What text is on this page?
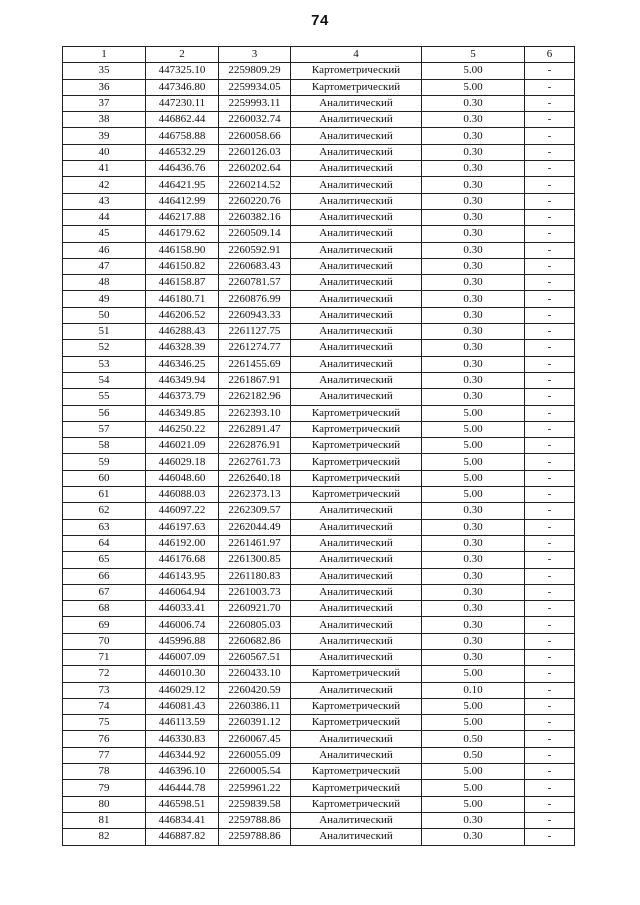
74
1	2	3	4	5	6
35	447325.10	2259809.29	Картометрический	5.00	-
36	447346.80	2259934.05	Картометрический	5.00	-
37	447230.11	2259993.11	Аналитический	0.30	-
38	446862.44	2260032.74	Аналитический	0.30	-
39	446758.88	2260058.66	Аналитический	0.30	-
40	446532.29	2260126.03	Аналитический	0.30	-
41	446436.76	2260202.64	Аналитический	0.30	-
42	446421.95	2260214.52	Аналитический	0.30	-
43	446412.99	2260220.76	Аналитический	0.30	-
44	446217.88	2260382.16	Аналитический	0.30	-
45	446179.62	2260509.14	Аналитический	0.30	-
46	446158.90	2260592.91	Аналитический	0.30	-
47	446150.82	2260683.43	Аналитический	0.30	-
48	446158.87	2260781.57	Аналитический	0.30	-
49	446180.71	2260876.99	Аналитический	0.30	-
50	446206.52	2260943.33	Аналитический	0.30	-
51	446288.43	2261127.75	Аналитический	0.30	-
52	446328.39	2261274.77	Аналитический	0.30	-
53	446346.25	2261455.69	Аналитический	0.30	-
54	446349.94	2261867.91	Аналитический	0.30	-
55	446373.79	2262182.96	Аналитический	0.30	-
56	446349.85	2262393.10	Картометрический	5.00	-
57	446250.22	2262891.47	Картометрический	5.00	-
58	446021.09	2262876.91	Картометрический	5.00	-
59	446029.18	2262761.73	Картометрический	5.00	-
60	446048.60	2262640.18	Картометрический	5.00	-
61	446088.03	2262373.13	Картометрический	5.00	-
62	446097.22	2262309.57	Аналитический	0.30	-
63	446197.63	2262044.49	Аналитический	0.30	-
64	446192.00	2261461.97	Аналитический	0.30	-
65	446176.68	2261300.85	Аналитический	0.30	-
66	446143.95	2261180.83	Аналитический	0.30	-
67	446064.94	2261003.73	Аналитический	0.30	-
68	446033.41	2260921.70	Аналитический	0.30	-
69	446006.74	2260805.03	Аналитический	0.30	-
70	445996.88	2260682.86	Аналитический	0.30	-
71	446007.09	2260567.51	Аналитический	0.30	-
72	446010.30	2260433.10	Картометрический	5.00	-
73	446029.12	2260420.59	Аналитический	0.10	-
74	446081.43	2260386.11	Картометрический	5.00	-
75	446113.59	2260391.12	Картометрический	5.00	-
76	446330.83	2260067.45	Аналитический	0.50	-
77	446344.92	2260055.09	Аналитический	0.50	-
78	446396.10	2260005.54	Картометрический	5.00	-
79	446444.78	2259961.22	Картометрический	5.00	-
80	446598.51	2259839.58	Картометрический	5.00	-
81	446834.41	2259788.86	Аналитический	0.30	-
82	446887.82	2259788.86	Аналитический	0.30	-
